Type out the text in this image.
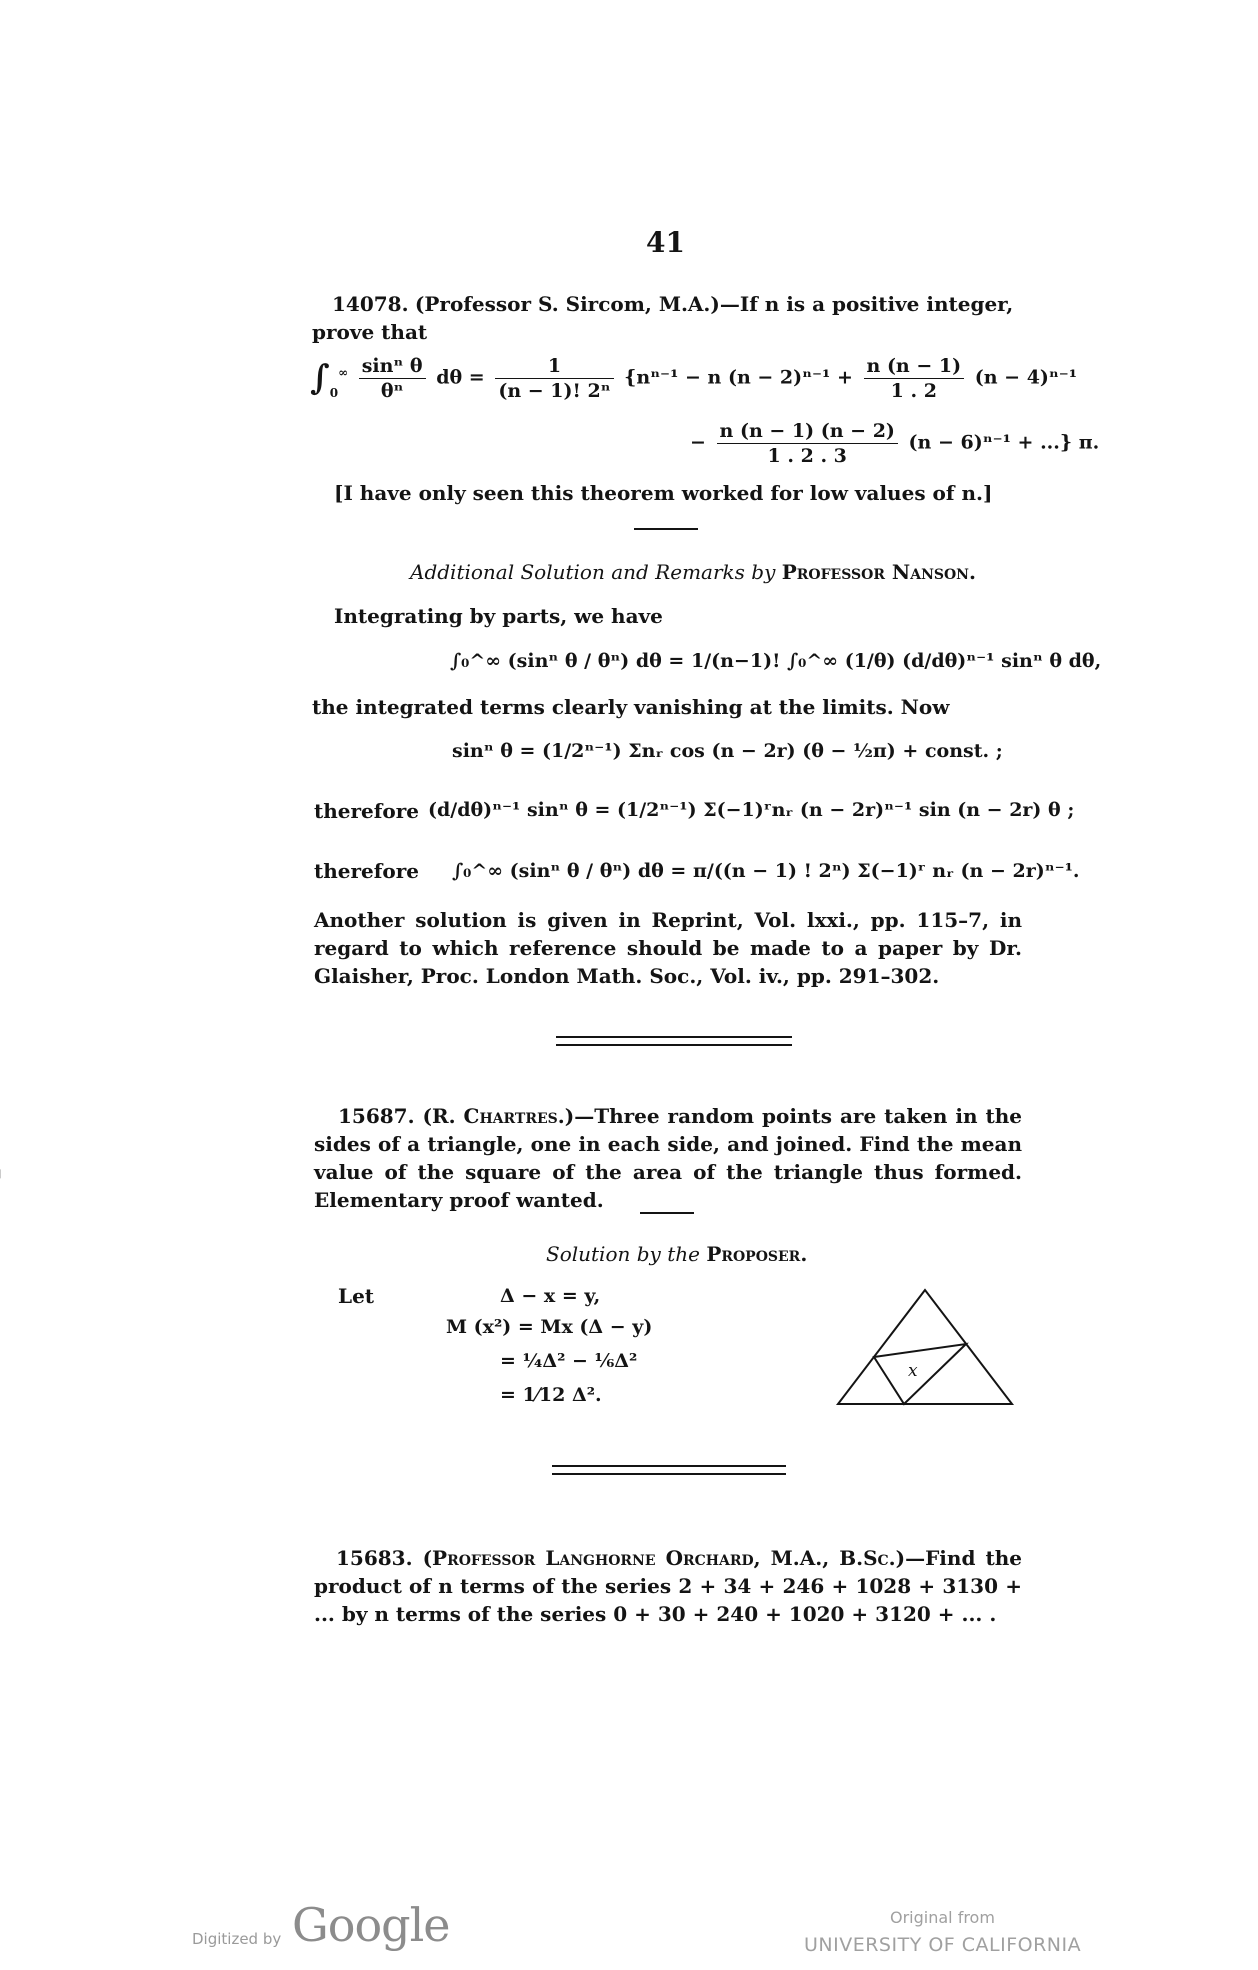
41
14078. (Professor S. Sircom, M.A.)—If n is a positive integer, prove that
$\int_0^\infty \frac{\text{sinⁿ θ}}{\text{θⁿ}}$ $d\theta = \frac{1}{\text{(n − 1)! 2ⁿ}} \{n^{n-1} - n$ $(n - 2)^{n-1} + \frac{n (n - 1)}{1 . 2} (n - 4)^{n-1}$
− $\frac{n (n - 1) (n - 2)}{1 . 2 . 3} (n - 6)^{n-1}$ + ...} π.
[I have only seen this theorem worked for low values of n.]
Additional Solution and Remarks by Professor Nanson.
Integrating by parts, we have
∫₀^∞ (sinⁿ θ / θⁿ) dθ = 1/(n−1)! ∫₀^∞ (1/θ) (d/dθ)ⁿ⁻¹ sinⁿ θ dθ,
the integrated terms clearly vanishing at the limits. Now
sinⁿ θ = (1/2ⁿ⁻¹) Σnᵣ cos (n − 2r) (θ − ½π) + const. ;
therefore (d/dθ)ⁿ⁻¹ sinⁿ θ = (1/2ⁿ⁻¹) Σ(−1)ʳnᵣ (n − 2r)ⁿ⁻¹ sin (n − 2r) θ ;
therefore ∫₀^∞ (sinⁿ θ / θⁿ) dθ = π/((n − 1) ! 2ⁿ) Σ(−1)ʳ nᵣ (n − 2r)ⁿ⁻¹.
Another solution is given in Reprint, Vol. lxxi., pp. 115–7, in regard to which reference should be made to a paper by Dr. Glaisher, Proc. London Math. Soc., Vol. iv., pp. 291–302.
15687. (R. Chartres.)—Three random points are taken in the sides of a triangle, one in each side, and joined. Find the mean value of the square of the area of the triangle thus formed. Elementary proof wanted.
Solution by the Proposer.
Let	Δ − x = y,
M (x²) = Mx (Δ − y)
= ¼Δ² − ⅙Δ²
= 1⁄12 Δ².
x
15683. (Professor Langhorne Orchard, M.A., B.Sc.)—Find the product of n terms of the series 2 + 34 + 246 + 1028 + 3130 + ... by n terms of the series 0 + 30 + 240 + 1020 + 3120 + ... .
Digitized by Google	Original from
UNIVERSITY OF CALIFORNIA
